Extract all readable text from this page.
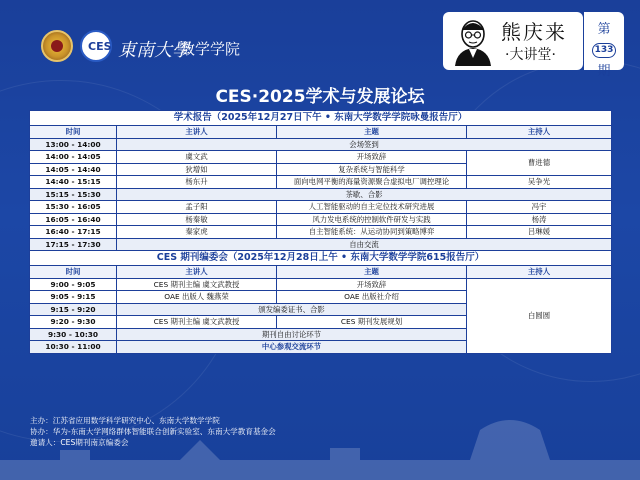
CES 東南大學
数学学院
熊庆来
·大讲堂·
第
133
期
CES·2025学术与发展论坛
学术报告（2025年12月27日下午 • 东南大学数学学院咏曼报告厅）			
时间	主讲人	主题	主持人
13:00 - 14:00	会场签到		
14:00 - 14:05	虞文武	开场致辞	曹进德
14:05 - 14:40	狄增如	复杂系统与智能科学	
14:40 - 15:15	杨东升	面向电网平衡的海量资源聚合虚拟电厂调控理论	吴争光
15:15 - 15:30	茶歇、合影		
15:30 - 16:05	孟子阳	人工智能驱动的自主定位技术研究进展	冯宇
16:05 - 16:40	杨秦敏	风力发电系统的控制软件研发与实践	杨涛
16:40 - 17:15	秦家虎	自主智能系统：从运动协同到策略博弈	吕琳媛
17:15 - 17:30	自由交流		
CES 期刊编委会（2025年12月28日上午 • 东南大学数学学院615报告厅）			
时间	主讲人	主题	主持人
9:00 - 9:05	CES 期刊主编 虞文武教授	开场致辞	白圆圆
9:05 - 9:15	OAE 出版人 魏燕荣	OAE 出版社介绍	
9:15 - 9:20	颁发编委证书、合影		
9:20 - 9:30	CES 期刊主编 虞文武教授	CES 期刊发展规划	
9:30 - 10:30	期刊自由讨论环节		
10:30 - 11:00	中心参观交流环节		
主办：江苏省应用数学科学研究中心、东南大学数学学院
协办：华为-东南大学网络群体智能联合创新实验室、东南大学教育基金会
邀请人：CES期刊南京编委会
